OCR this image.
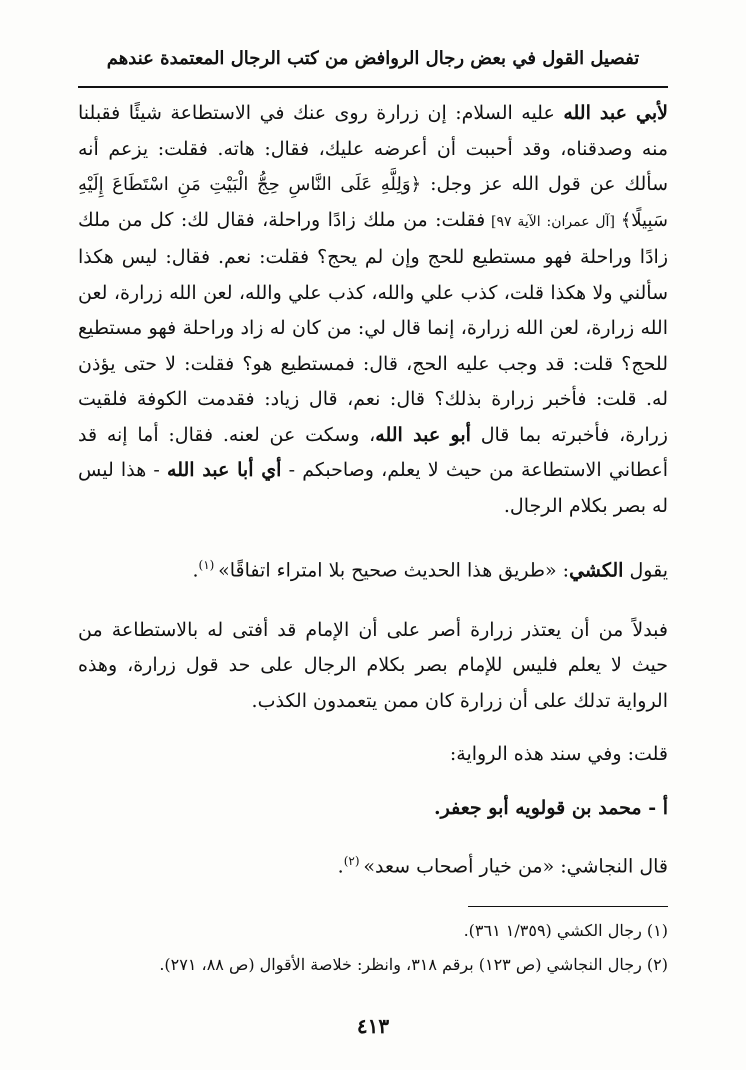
تفصيل القول في بعض رجال الروافض من كتب الرجال المعتمدة عندهم

لأبي عبد الله عليه السلام: إن زرارة روى عنك في الاستطاعة شيئًا فقبلنا منه وصدقناه، وقد أحببت أن أعرضه عليك، فقال: هاته. فقلت: يزعم أنه سألك عن قول الله عز وجل: ﴿وَلِلَّهِ عَلَى النَّاسِ حِجُّ الْبَيْتِ مَنِ اسْتَطَاعَ إِلَيْهِ سَبِيلًا﴾ [آل عمران: الآية ٩٧] فقلت: من ملك زادًا وراحلة، فقال لك: كل من ملك زادًا وراحلة فهو مستطيع للحج وإن لم يحج؟ فقلت: نعم. فقال: ليس هكذا سألني ولا هكذا قلت، كذب علي والله، كذب علي والله، لعن الله زرارة، لعن الله زرارة، لعن الله زرارة، إنما قال لي: من كان له زاد وراحلة فهو مستطيع للحج؟ قلت: قد وجب عليه الحج، قال: فمستطيع هو؟ فقلت: لا حتى يؤذن له. قلت: فأخبر زرارة بذلك؟ قال: نعم، قال زياد: فقدمت الكوفة فلقيت زرارة، فأخبرته بما قال أبو عبد الله، وسكت عن لعنه. فقال: أما إنه قد أعطاني الاستطاعة من حيث لا يعلم، وصاحبكم - أي أبا عبد الله - هذا ليس له بصر بكلام الرجال.

يقول الكشي: «طريق هذا الحديث صحيح بلا امتراء اتفاقًا» $^{(١)}$.

فبدلاً من أن يعتذر زرارة أصر على أن الإمام قد أفتى له بالاستطاعة من حيث لا يعلم فليس للإمام بصر بكلام الرجال على حد قول زرارة، وهذه الرواية تدلك على أن زرارة كان ممن يتعمدون الكذب.

قلت: وفي سند هذه الرواية:

أ - محمد بن قولويه أبو جعفر.

قال النجاشي: «من خيار أصحاب سعد» $^{(٢)}$.

(١) رجال الكشي (١/٣٥٩ ٣٦١).
(٢) رجال النجاشي (ص ١٢٣) برقم ٣١٨، وانظر: خلاصة الأقوال (ص ٨٨، ٢٧١).
٤١٣
